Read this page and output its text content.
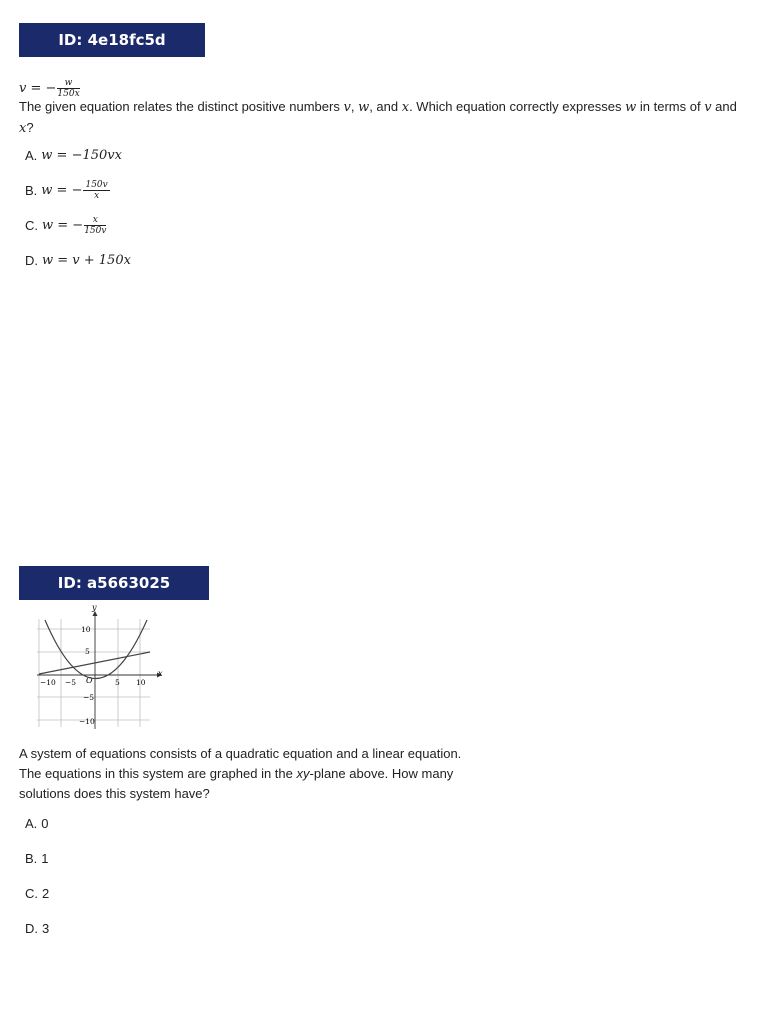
ID: 4e18fc5d
v = − $\frac{w}{150x}$
The given equation relates the distinct positive numbers v, w, and x. Which equation correctly expresses w in terms of v and x?
A. w = −150vx
B. w = − $\frac{150v}{x}$
C. w = − $\frac{x}{150v}$
D. w = v + 150x
ID: a5663025
x
y
O
−10 −5	5 10
10
5
−5
−10
A system of equations consists of a quadratic equation and a linear equation.
The equations in this system are graphed in the xy-plane above. How many
solutions does this system have?
A. 0
B. 1
C. 2
D. 3
